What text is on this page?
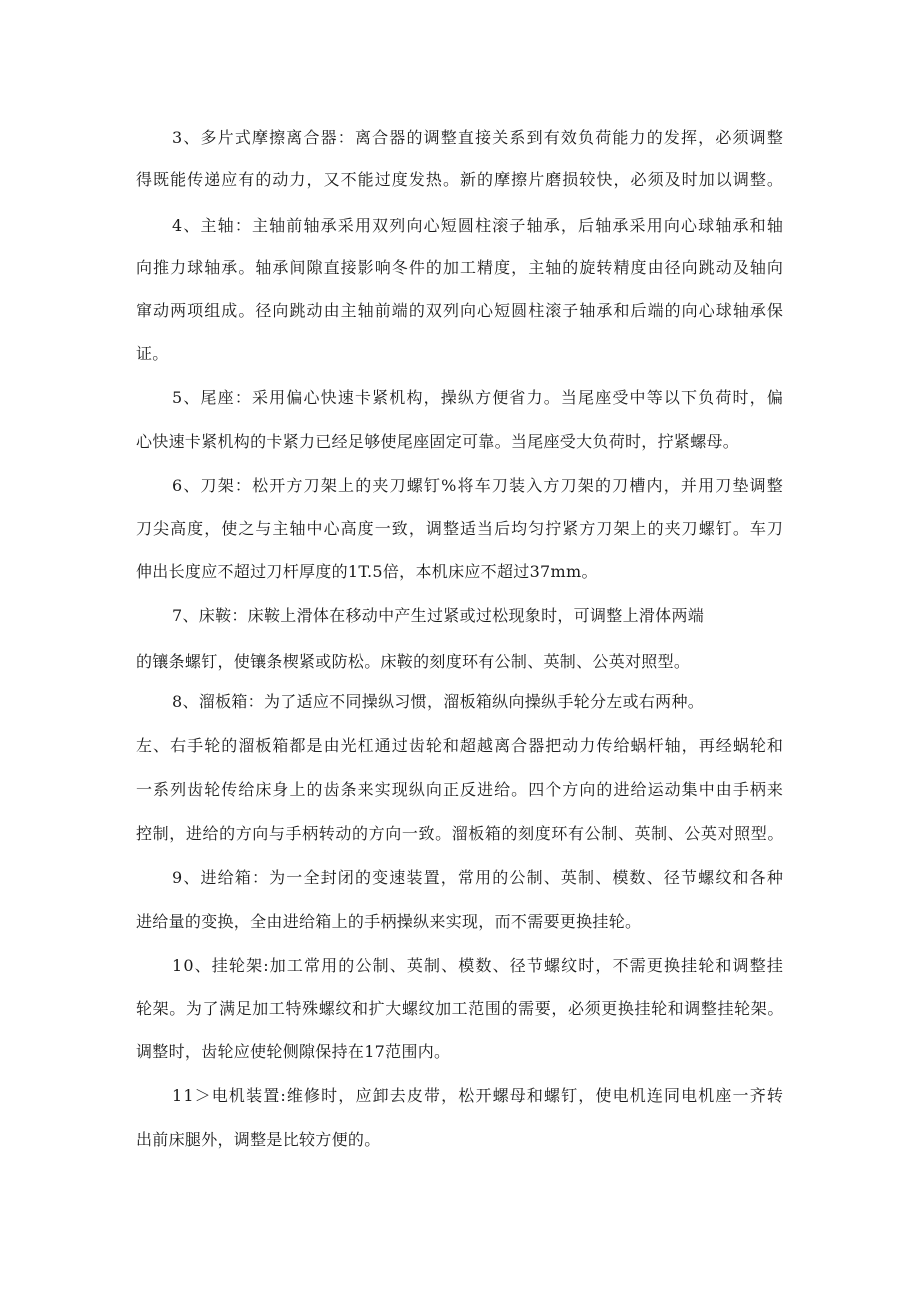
3、多片式摩擦离合器：离合器的调整直接关系到有效负荷能力的发挥，必须调整
得既能传递应有的动力，又不能过度发热。新的摩擦片磨损较快，必须及时加以调整。
4、主轴：主轴前轴承采用双列向心短圆柱滚子轴承，后轴承采用向心球轴承和轴
向推力球轴承。轴承间隙直接影响冬件的加工精度，主轴的旋转精度由径向跳动及轴向
窜动两项组成。径向跳动由主轴前端的双列向心短圆柱滚子轴承和后端的向心球轴承保
证。
5、尾座：采用偏心快速卡紧机构，操纵方便省力。当尾座受中等以下负荷时，偏
心快速卡紧机构的卡紧力已经足够使尾座固定可靠。当尾座受大负荷时，拧紧螺母。
6、刀架：松开方刀架上的夹刀螺钉%将车刀装入方刀架的刀槽内，并用刀垫调整
刀尖高度，使之与主轴中心高度一致，调整适当后均匀拧紧方刀架上的夹刀螺钉。车刀
伸出长度应不超过刀杆厚度的1T.5倍，本机床应不超过37mm。
7、床鞍：床鞍上滑体在移动中产生过紧或过松现象时，可调整上滑体两端
的镶条螺钉，使镶条楔紧或防松。床鞍的刻度环有公制、英制、公英对照型。
8、溜板箱：为了适应不同操纵习惯，溜板箱纵向操纵手轮分左或右两种。
左、右手轮的溜板箱都是由光杠通过齿轮和超越离合器把动力传给蜗杆轴，再经蜗轮和
一系列齿轮传给床身上的齿条来实现纵向正反进给。四个方向的进给运动集中由手柄来
控制，进给的方向与手柄转动的方向一致。溜板箱的刻度环有公制、英制、公英对照型。
9、进给箱：为一全封闭的变速装置，常用的公制、英制、模数、径节螺纹和各种
进给量的变换，全由进给箱上的手柄操纵来实现，而不需要更换挂轮。
10、挂轮架:加工常用的公制、英制、模数、径节螺纹时，不需更换挂轮和调整挂
轮架。为了满足加工特殊螺纹和扩大螺纹加工范围的需要，必须更换挂轮和调整挂轮架。
调整时，齿轮应使轮侧隙保持在17范围内。
11＞电机装置:维修时，应卸去皮带，松开螺母和螺钉，使电机连同电机座一齐转
出前床腿外，调整是比较方便的。
